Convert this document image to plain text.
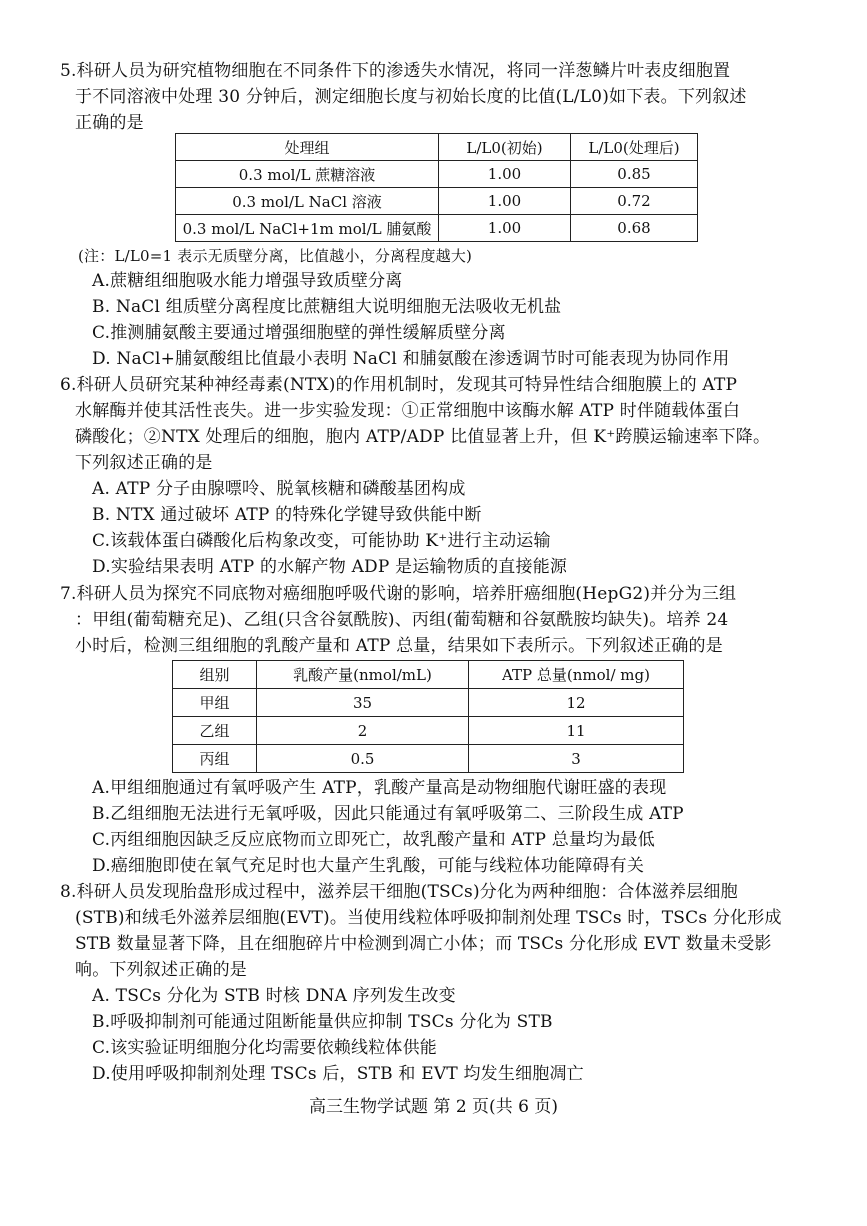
5.科研人员为研究植物细胞在不同条件下的渗透失水情况，将同一洋葱鳞片叶表皮细胞置
于不同溶液中处理 30 分钟后，测定细胞长度与初始长度的比值(L/L0)如下表。下列叙述
正确的是
处理组	L/L0(初始)	L/L0(处理后)
0.3 mol/L 蔗糖溶液	1.00	0.85
0.3 mol/L NaCl 溶液	1.00	0.72
0.3 mol/L NaCl+1m mol/L 脯氨酸	1.00	0.68
(注：L/L0=1 表示无质壁分离，比值越小，分离程度越大)
A.蔗糖组细胞吸水能力增强导致质壁分离
B. NaCl 组质壁分离程度比蔗糖组大说明细胞无法吸收无机盐
C.推测脯氨酸主要通过增强细胞壁的弹性缓解质壁分离
D. NaCl+脯氨酸组比值最小表明 NaCl 和脯氨酸在渗透调节时可能表现为协同作用
6.科研人员研究某种神经毒素(NTX)的作用机制时，发现其可特异性结合细胞膜上的 ATP
水解酶并使其活性丧失。进一步实验发现：①正常细胞中该酶水解 ATP 时伴随载体蛋白
磷酸化；②NTX 处理后的细胞，胞内 ATP/ADP 比值显著上升，但 K⁺跨膜运输速率下降。
下列叙述正确的是
A. ATP 分子由腺嘌呤、脱氧核糖和磷酸基团构成
B. NTX 通过破坏 ATP 的特殊化学键导致供能中断
C.该载体蛋白磷酸化后构象改变，可能协助 K⁺进行主动运输
D.实验结果表明 ATP 的水解产物 ADP 是运输物质的直接能源
7.科研人员为探究不同底物对癌细胞呼吸代谢的影响，培养肝癌细胞(HepG2)并分为三组
：甲组(葡萄糖充足)、乙组(只含谷氨酰胺)、丙组(葡萄糖和谷氨酰胺均缺失)。培养 24
小时后，检测三组细胞的乳酸产量和 ATP 总量，结果如下表所示。下列叙述正确的是
组别	乳酸产量(nmol/mL)	ATP 总量(nmol/ mg)
甲组	35	12
乙组	2	11
丙组	0.5	3
A.甲组细胞通过有氧呼吸产生 ATP，乳酸产量高是动物细胞代谢旺盛的表现
B.乙组细胞无法进行无氧呼吸，因此只能通过有氧呼吸第二、三阶段生成 ATP
C.丙组细胞因缺乏反应底物而立即死亡，故乳酸产量和 ATP 总量均为最低
D.癌细胞即使在氧气充足时也大量产生乳酸，可能与线粒体功能障碍有关
8.科研人员发现胎盘形成过程中，滋养层干细胞(TSCs)分化为两种细胞：合体滋养层细胞
(STB)和绒毛外滋养层细胞(EVT)。当使用线粒体呼吸抑制剂处理 TSCs 时，TSCs 分化形成
STB 数量显著下降，且在细胞碎片中检测到凋亡小体；而 TSCs 分化形成 EVT 数量未受影
响。下列叙述正确的是
A. TSCs 分化为 STB 时核 DNA 序列发生改变
B.呼吸抑制剂可能通过阻断能量供应抑制 TSCs 分化为 STB
C.该实验证明细胞分化均需要依赖线粒体供能
D.使用呼吸抑制剂处理 TSCs 后，STB 和 EVT 均发生细胞凋亡
高三生物学试题 第 2 页(共 6 页)
